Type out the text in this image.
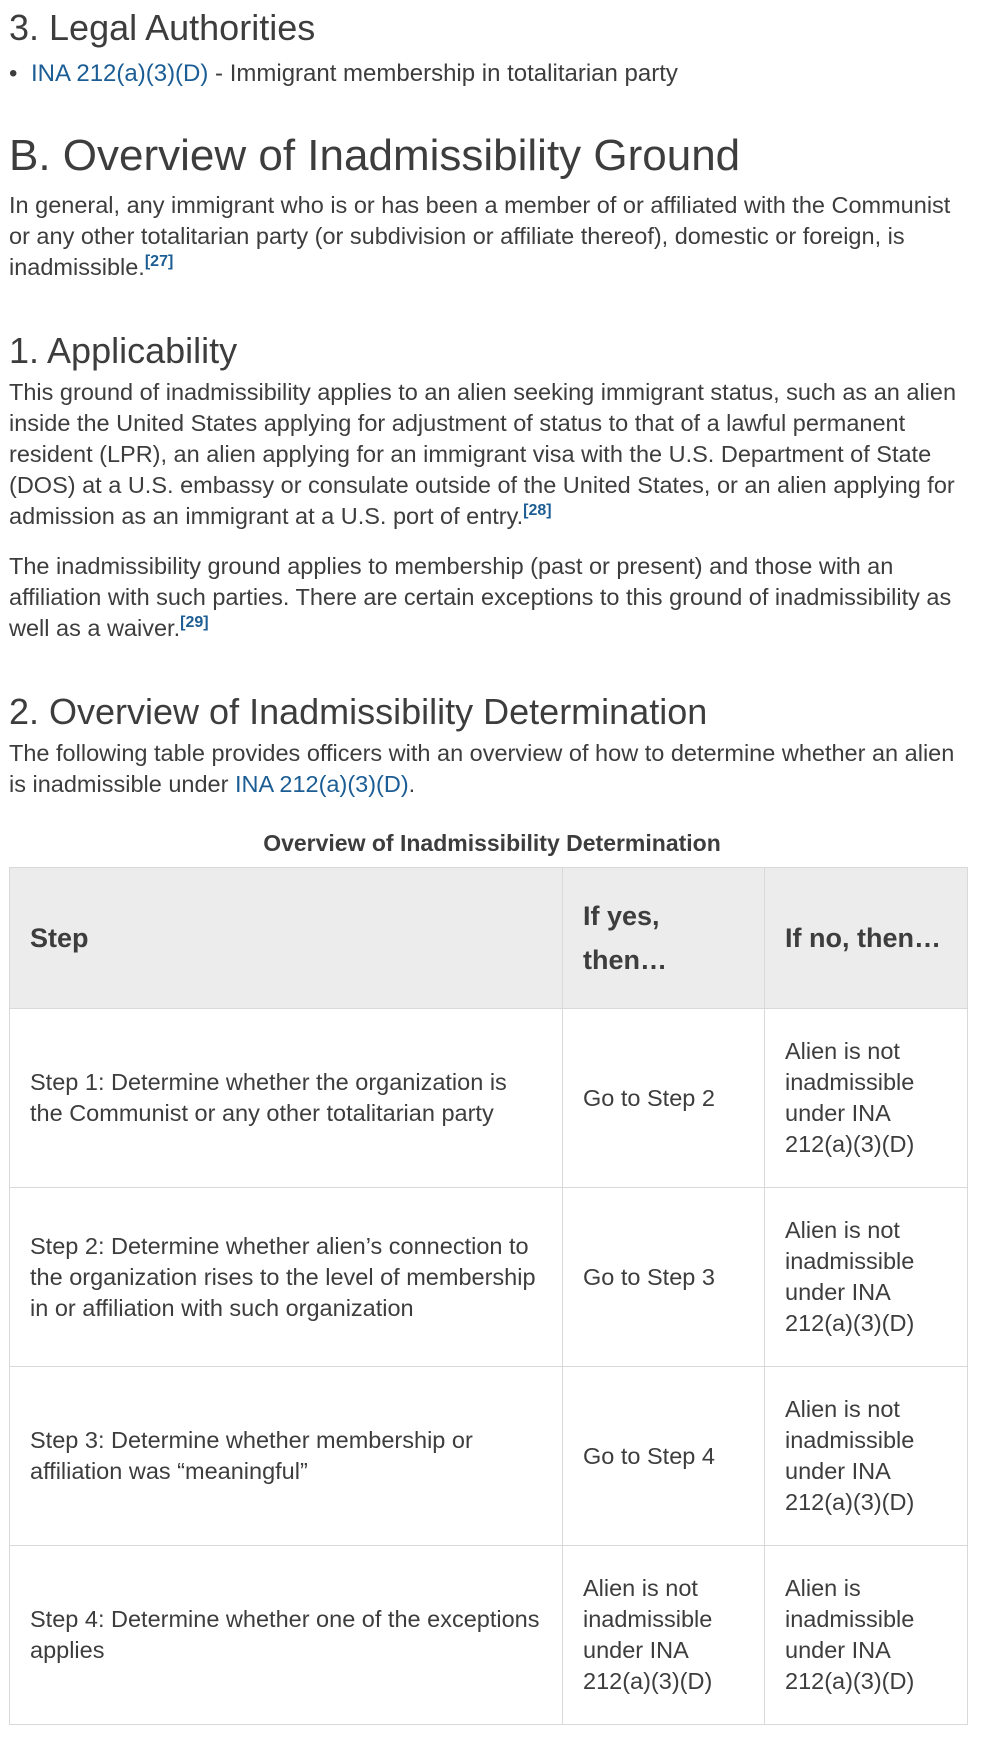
3. Legal Authorities
• INA 212(a)(3)(D) - Immigrant membership in totalitarian party
B. Overview of Inadmissibility Ground

In general, any immigrant who is or has been a member of or affiliated with the Communist or any other totalitarian party (or subdivision or affiliate thereof), domestic or foreign, is inadmissible.[27]

1. Applicability

This ground of inadmissibility applies to an alien seeking immigrant status, such as an alien inside the United States applying for adjustment of status to that of a lawful permanent resident (LPR), an alien applying for an immigrant visa with the U.S. Department of State (DOS) at a U.S. embassy or consulate outside of the United States, or an alien applying for admission as an immigrant at a U.S. port of entry.[28]

The inadmissibility ground applies to membership (past or present) and those with an affiliation with such parties. There are certain exceptions to this ground of inadmissibility as well as a waiver.[29]

2. Overview of Inadmissibility Determination

The following table provides officers with an overview of how to determine whether an alien is inadmissible under INA 212(a)(3)(D).

Overview of Inadmissibility Determination
Step	If yes, then…	If no, then…
Step 1: Determine whether the organization is the Communist or any other totalitarian party	Go to Step 2	Alien is not inadmissible under INA 212(a)(3)(D)
Step 2: Determine whether alien’s connection to the organization rises to the level of membership in or affiliation with such organization	Go to Step 3	Alien is not inadmissible under INA 212(a)(3)(D)
Step 3: Determine whether membership or affiliation was “meaningful”	Go to Step 4	Alien is not inadmissible under INA 212(a)(3)(D)
Step 4: Determine whether one of the exceptions applies	Alien is not inadmissible under INA 212(a)(3)(D)	Alien is inadmissible under INA 212(a)(3)(D)
